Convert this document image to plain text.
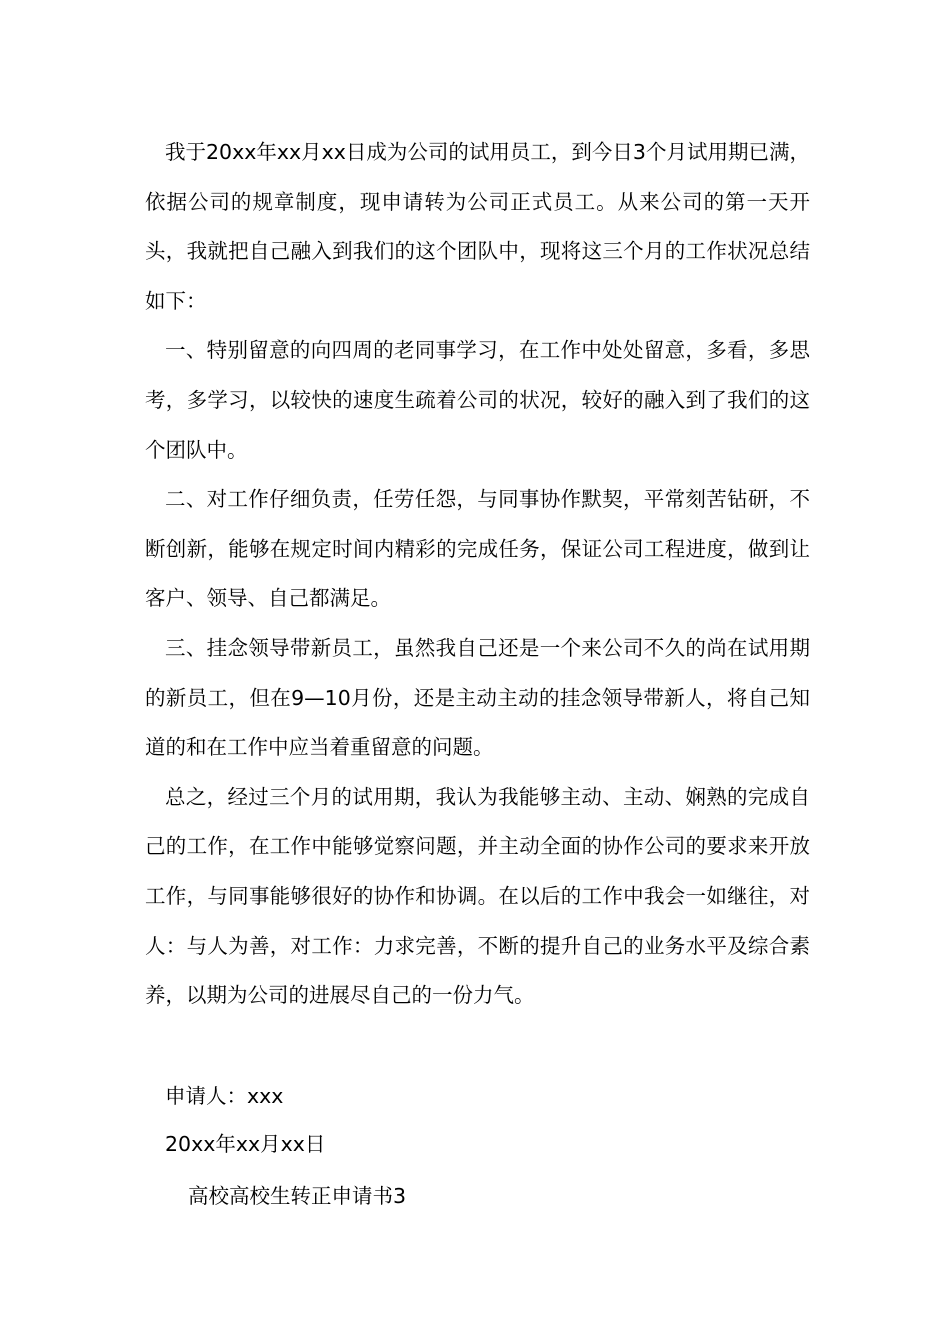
我于20xx年xx月xx日成为公司的试用员工，到今日3个月试用期已满，依据公司的规章制度，现申请转为公司正式员工。从来公司的第一天开头，我就把自己融入到我们的这个团队中，现将这三个月的工作状况总结如下：

一、特别留意的向四周的老同事学习，在工作中处处留意，多看，多思考，多学习，以较快的速度生疏着公司的状况，较好的融入到了我们的这个团队中。

二、对工作仔细负责，任劳任怨，与同事协作默契，平常刻苦钻研，不断创新，能够在规定时间内精彩的完成任务，保证公司工程进度，做到让客户、领导、自己都满足。

三、挂念领导带新员工，虽然我自己还是一个来公司不久的尚在试用期的新员工，但在9—10月份，还是主动主动的挂念领导带新人，将自己知道的和在工作中应当着重留意的问题。

总之，经过三个月的试用期，我认为我能够主动、主动、娴熟的完成自己的工作，在工作中能够觉察问题，并主动全面的协作公司的要求来开放工作，与同事能够很好的协作和协调。在以后的工作中我会一如继往，对人：与人为善，对工作：力求完善，不断的提升自己的业务水平及综合素养，以期为公司的进展尽自己的一份力气。

申请人：xxx

20xx年xx月xx日

高校高校生转正申请书3
